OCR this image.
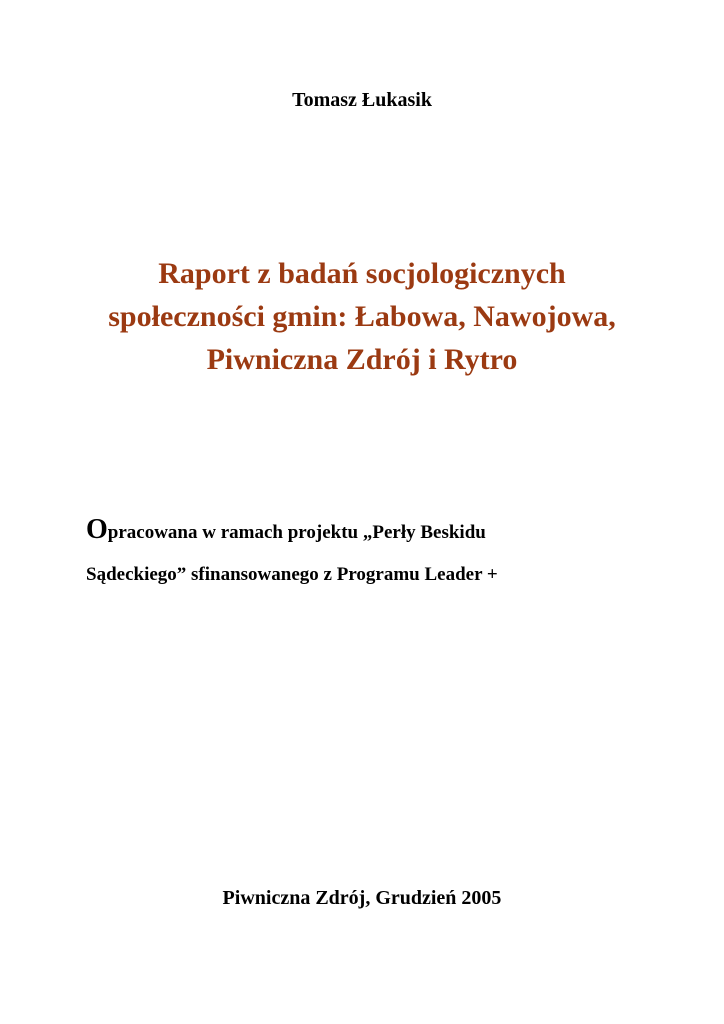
Tomasz Łukasik
Raport z badań socjologicznych
społeczności gmin: Łabowa, Nawojowa,
Piwniczna Zdrój i Rytro
Opracowana w ramach projektu „Perły Beskidu
Sądeckiego” sfinansowanego z Programu Leader +
Piwniczna Zdrój, Grudzień 2005
